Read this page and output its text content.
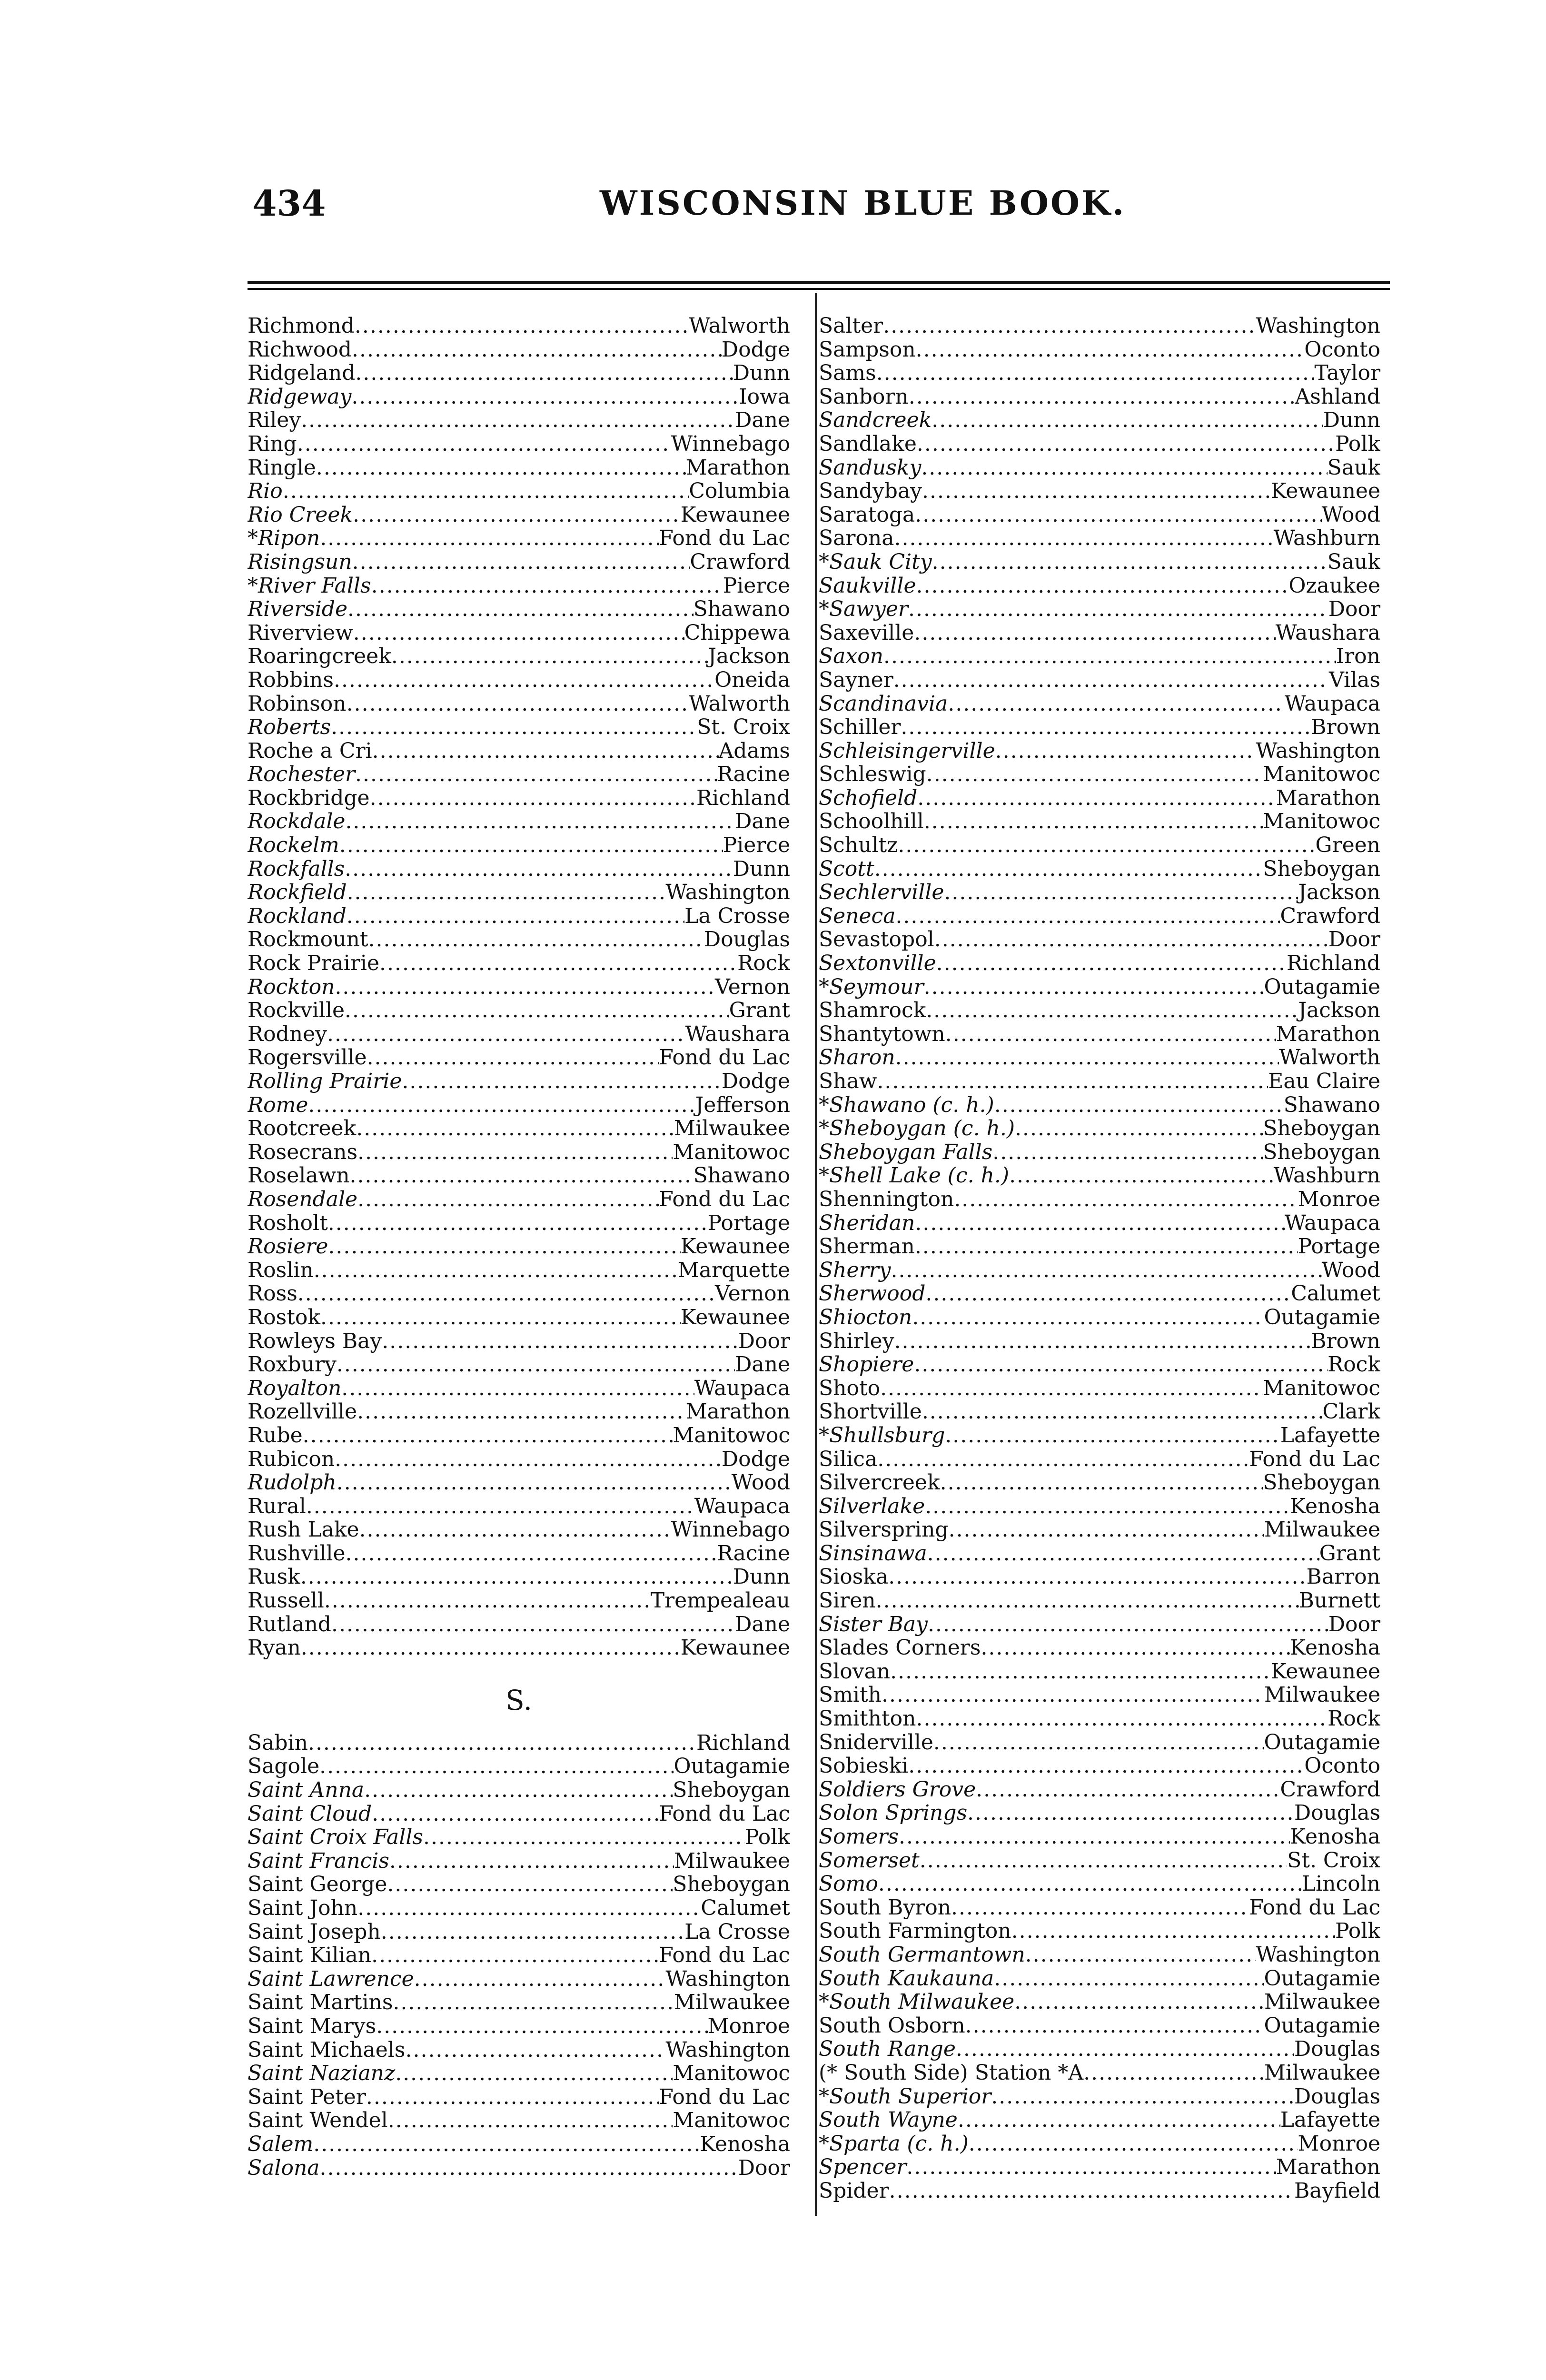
434	WISCONSIN BLUE BOOK.
Richmond .....	Walworth
Richwood .....	Dodge
Ridgeland .....	Dunn
Ridgeway .....	Iowa
Riley .....	Dane
Ring .....	Winnebago
Ringle .....	Marathon
Rio .....	Columbia
Rio Creek .....	Kewaunee
*Ripon .....	Fond du Lac
Risingsun .....	Crawford
*River Falls .....	Pierce
Riverside .....	Shawano
Riverview .....	Chippewa
Roaringcreek .....	Jackson
Robbins .....	Oneida
Robinson .....	Walworth
Roberts .....	St. Croix
Roche a Cri .....	Adams
Rochester .....	Racine
Rockbridge .....	Richland
Rockdale .....	Dane
Rockelm .....	Pierce
Rockfalls .....	Dunn
Rockfield .....	Washington
Rockland .....	La Crosse
Rockmount .....	Douglas
Rock Prairie .....	Rock
Rockton .....	Vernon
Rockville .....	Grant
Rodney .....	Waushara
Rogersville .....	Fond du Lac
Rolling Prairie .....	Dodge
Rome .....	Jefferson
Rootcreek .....	Milwaukee
Rosecrans .....	Manitowoc
Roselawn .....	Shawano
Rosendale .....	Fond du Lac
Rosholt .....	Portage
Rosiere .....	Kewaunee
Roslin .....	Marquette
Ross .....	Vernon
Rostok .....	Kewaunee
Rowleys Bay .....	Door
Roxbury .....	Dane
Royalton .....	Waupaca
Rozellville .....	Marathon
Rube .....	Manitowoc
Rubicon .....	Dodge
Rudolph .....	Wood
Rural .....	Waupaca
Rush Lake .....	Winnebago
Rushville .....	Racine
Rusk .....	Dunn
Russell .....	Trempealeau
Rutland .....	Dane
Ryan .....	Kewaunee
S.
Sabin .....	Richland
Sagole .....	Outagamie
Saint Anna .....	Sheboygan
Saint Cloud .....	Fond du Lac
Saint Croix Falls .....	Polk
Saint Francis .....	Milwaukee
Saint George .....	Sheboygan
Saint John .....	Calumet
Saint Joseph .....	La Crosse
Saint Kilian .....	Fond du Lac
Saint Lawrence .....	Washington
Saint Martins .....	Milwaukee
Saint Marys .....	Monroe
Saint Michaels .....	Washington
Saint Nazianz .....	Manitowoc
Saint Peter .....	Fond du Lac
Saint Wendel .....	Manitowoc
Salem .....	Kenosha
Salona .....	Door
Salter .....	Washington
Sampson .....	Oconto
Sams .....	Taylor
Sanborn .....	Ashland
Sandcreek .....	Dunn
Sandlake .....	Polk
Sandusky .....	Sauk
Sandybay .....	Kewaunee
Saratoga .....	Wood
Sarona .....	Washburn
*Sauk City .....	Sauk
Saukville .....	Ozaukee
*Sawyer .....	Door
Saxeville .....	Waushara
Saxon .....	Iron
Sayner .....	Vilas
Scandinavia .....	Waupaca
Schiller .....	Brown
Schleisingerville .....	Washington
Schleswig .....	Manitowoc
Schofield .....	Marathon
Schoolhill .....	Manitowoc
Schultz .....	Green
Scott .....	Sheboygan
Sechlerville .....	Jackson
Seneca .....	Crawford
Sevastopol .....	Door
Sextonville .....	Richland
*Seymour .....	Outagamie
Shamrock .....	Jackson
Shantytown .....	Marathon
Sharon .....	Walworth
Shaw .....	Eau Claire
*Shawano (c. h.) .....	Shawano
*Sheboygan (c. h.) .....	Sheboygan
Sheboygan Falls .....	Sheboygan
*Shell Lake (c. h.) .....	Washburn
Shennington .....	Monroe
Sheridan .....	Waupaca
Sherman .....	Portage
Sherry .....	Wood
Sherwood .....	Calumet
Shiocton .....	Outagamie
Shirley .....	Brown
Shopiere .....	Rock
Shoto .....	Manitowoc
Shortville .....	Clark
*Shullsburg .....	Lafayette
Silica .....	Fond du Lac
Silvercreek .....	Sheboygan
Silverlake .....	Kenosha
Silverspring .....	Milwaukee
Sinsinawa .....	Grant
Sioska .....	Barron
Siren .....	Burnett
Sister Bay .....	Door
Slades Corners .....	Kenosha
Slovan .....	Kewaunee
Smith .....	Milwaukee
Smithton .....	Rock
Sniderville .....	Outagamie
Sobieski .....	Oconto
Soldiers Grove .....	Crawford
Solon Springs .....	Douglas
Somers .....	Kenosha
Somerset .....	St. Croix
Somo .....	Lincoln
South Byron .....	Fond du Lac
South Farmington .....	Polk
South Germantown .....	Washington
South Kaukauna .....	Outagamie
*South Milwaukee .....	Milwaukee
South Osborn .....	Outagamie
South Range .....	Douglas
(* South Side) Station *A .....	Milwaukee
*South Superior .....	Douglas
South Wayne .....	Lafayette
*Sparta (c. h.) .....	Monroe
Spencer .....	Marathon
Spider .....	Bayfield
